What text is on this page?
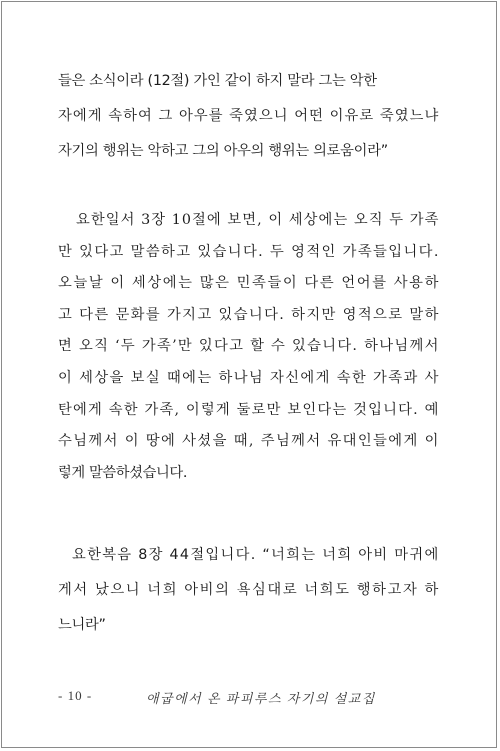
들은 소식이라 (12절) 가인 같이 하지 말라 그는 악한
자에게 속하여 그 아우를 죽였으니 어떤 이유로 죽였느냐
자기의 행위는 악하고 그의 아우의 행위는 의로움이라”
요한일서 3장 10절에 보면, 이 세상에는 오직 두 가족
만 있다고 말씀하고 있습니다. 두 영적인 가족들입니다.
오늘날 이 세상에는 많은 민족들이 다른 언어를 사용하
고 다른 문화를 가지고 있습니다. 하지만 영적으로 말하
면 오직 ‘두 가족’만 있다고 할 수 있습니다. 하나님께서
이 세상을 보실 때에는 하나님 자신에게 속한 가족과 사
탄에게 속한 가족, 이렇게 둘로만 보인다는 것입니다. 예
수님께서 이 땅에 사셨을 때, 주님께서 유대인들에게 이
렇게 말씀하셨습니다.
요한복음 8장 44절입니다. “너희는 너희 아비 마귀에
게서 났으니 너희 아비의 욕심대로 너희도 행하고자 하
느니라”
- 10 -	애굽에서 온 파피루스 자기의 설교집
